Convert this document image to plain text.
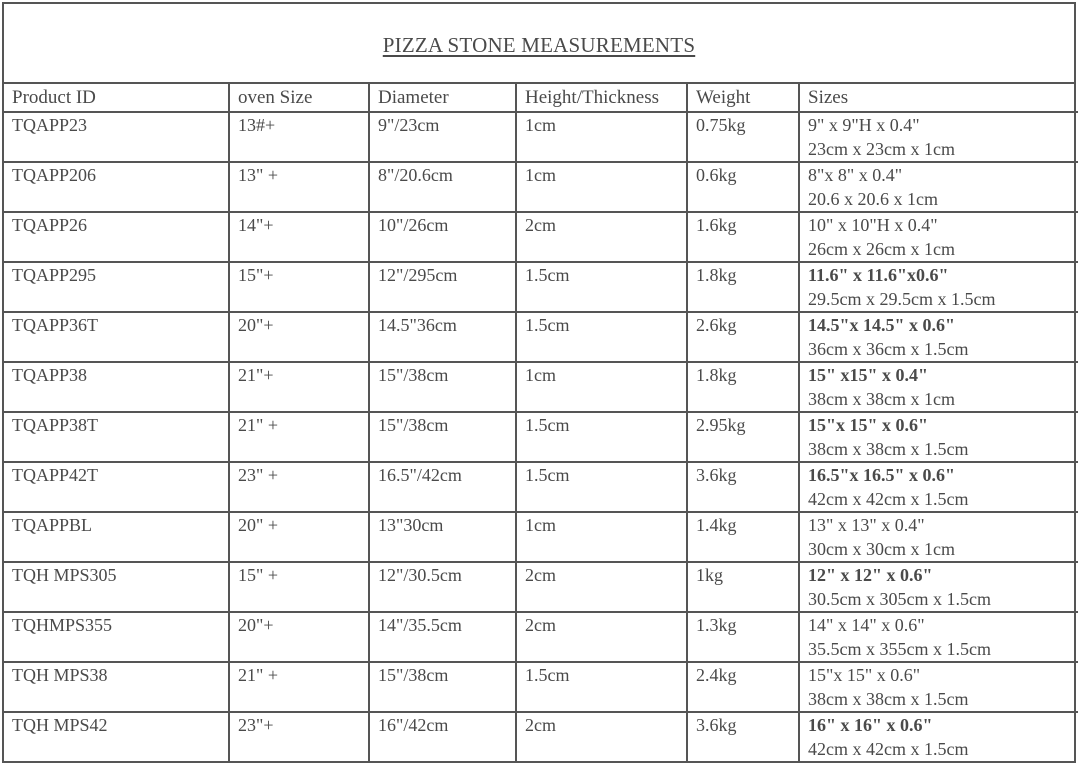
PIZZA STONE MEASUREMENTS
Product ID	oven Size	Diameter	Height/Thickness	Weight	Sizes
TQAPP23	13#+	9"/23cm	1cm	0.75kg	9" x 9"H x 0.4"
23cm x 23cm x 1cm

TQAPP206	13" +	8"/20.6cm	1cm	0.6kg	8"x 8" x 0.4"
20.6 x 20.6 x 1cm

TQAPP26	14"+	10"/26cm	2cm	1.6kg	10" x 10"H x 0.4"
26cm x 26cm x 1cm

TQAPP295	15"+	12"/295cm	1.5cm	1.8kg	11.6" x 11.6"x0.6"
29.5cm x 29.5cm x 1.5cm

TQAPP36T	20"+	14.5"36cm	1.5cm	2.6kg	14.5"x 14.5" x 0.6"
36cm x 36cm x 1.5cm

TQAPP38	21"+	15"/38cm	1cm	1.8kg	15" x15" x 0.4"
38cm x 38cm x 1cm

TQAPP38T	21" +	15"/38cm	1.5cm	2.95kg	15"x 15" x 0.6"
38cm x 38cm x 1.5cm

TQAPP42T	23" +	16.5"/42cm	1.5cm	3.6kg	16.5"x 16.5" x 0.6"
42cm x 42cm x 1.5cm

TQAPPBL	20" +	13"30cm	1cm	1.4kg	13" x 13" x 0.4"
30cm x 30cm x 1cm

TQH MPS305	15" +	12"/30.5cm	2cm	1kg	12" x 12" x 0.6"
30.5cm x 305cm x 1.5cm

TQHMPS355	20"+	14"/35.5cm	2cm	1.3kg	14" x 14" x 0.6"
35.5cm x 355cm x 1.5cm

TQH MPS38	21" +	15"/38cm	1.5cm	2.4kg	15"x 15" x 0.6"
38cm x 38cm x 1.5cm

TQH MPS42	23"+	16"/42cm	2cm	3.6kg	16" x 16" x 0.6"
42cm x 42cm x 1.5cm
